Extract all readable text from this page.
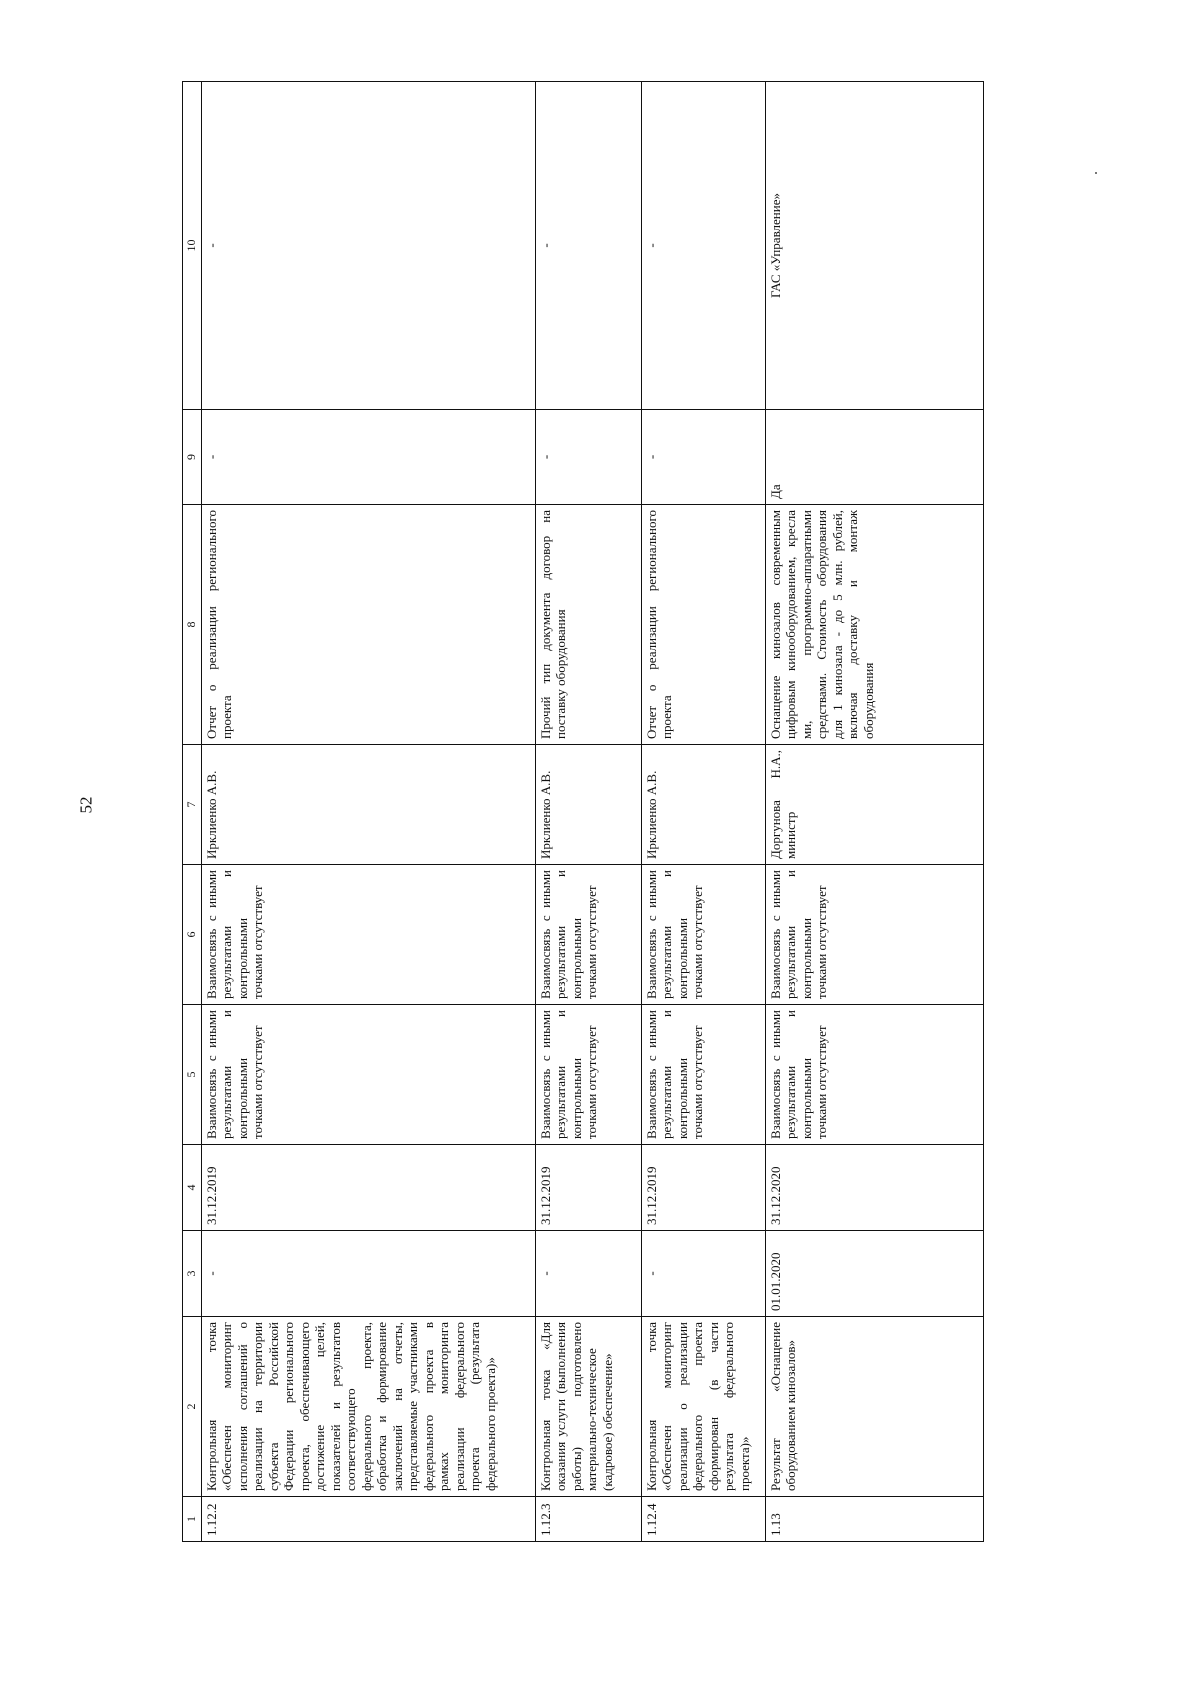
52
1	2	3	4	5	6	7	8	9	10
1.12.2	Контрольная точка «Обеспечен мониторинг исполнения соглашений о реализации на территории субъекта Российской Федерации регионального проекта, обеспечивающего достижение целей, показателей и результатов соответствующего федерального проекта, обработка и формирование заключений на отчеты, представляемые участниками федерального проекта в рамках мониторинга реализации федерального проекта (результата федерального проекта)»	-	31.12.2019	Взаимосвязь с иными результатами и контрольными точками отсутствует	Взаимосвязь с иными результатами и контрольными точками отсутствует	Ирклиенко А.В.	Отчет о реализации регионального проекта	-	-
1.12.3	Контрольная точка «Для оказания услуги (выполнения работы) подготовлено материально-техническое (кадровое) обеспечение»	-	31.12.2019	Взаимосвязь с иными результатами и контрольными точками отсутствует	Взаимосвязь с иными результатами и контрольными точками отсутствует	Ирклиенко А.В.	Прочий тип документа договор на поставку оборудования	-	-
1.12.4	Контрольная точка «Обеспечен мониторинг реализации о реализации федерального проекта сформирован (в части результата федерального проекта)»	-	31.12.2019	Взаимосвязь с иными результатами и контрольными точками отсутствует	Взаимосвязь с иными результатами и контрольными точками отсутствует	Ирклиенко А.В.	Отчет о реализации регионального проекта	-	-
1.13	Результат «Оснащение оборудованием кинозалов»	01.01.2020	31.12.2020	Взаимосвязь с иными результатами и контрольными точками отсутствует	Взаимосвязь с иными результатами и контрольными точками отсутствует	Доргунова Н.А., министр	Оснащение кинозалов современным цифровым кинооборудованием, кресла ми, программно-аппаратными средствами. Стоимость оборудования для 1 кинозала - до 5 млн. рублей, включая доставку и монтаж оборудования	Да	ГАС «Управление»
